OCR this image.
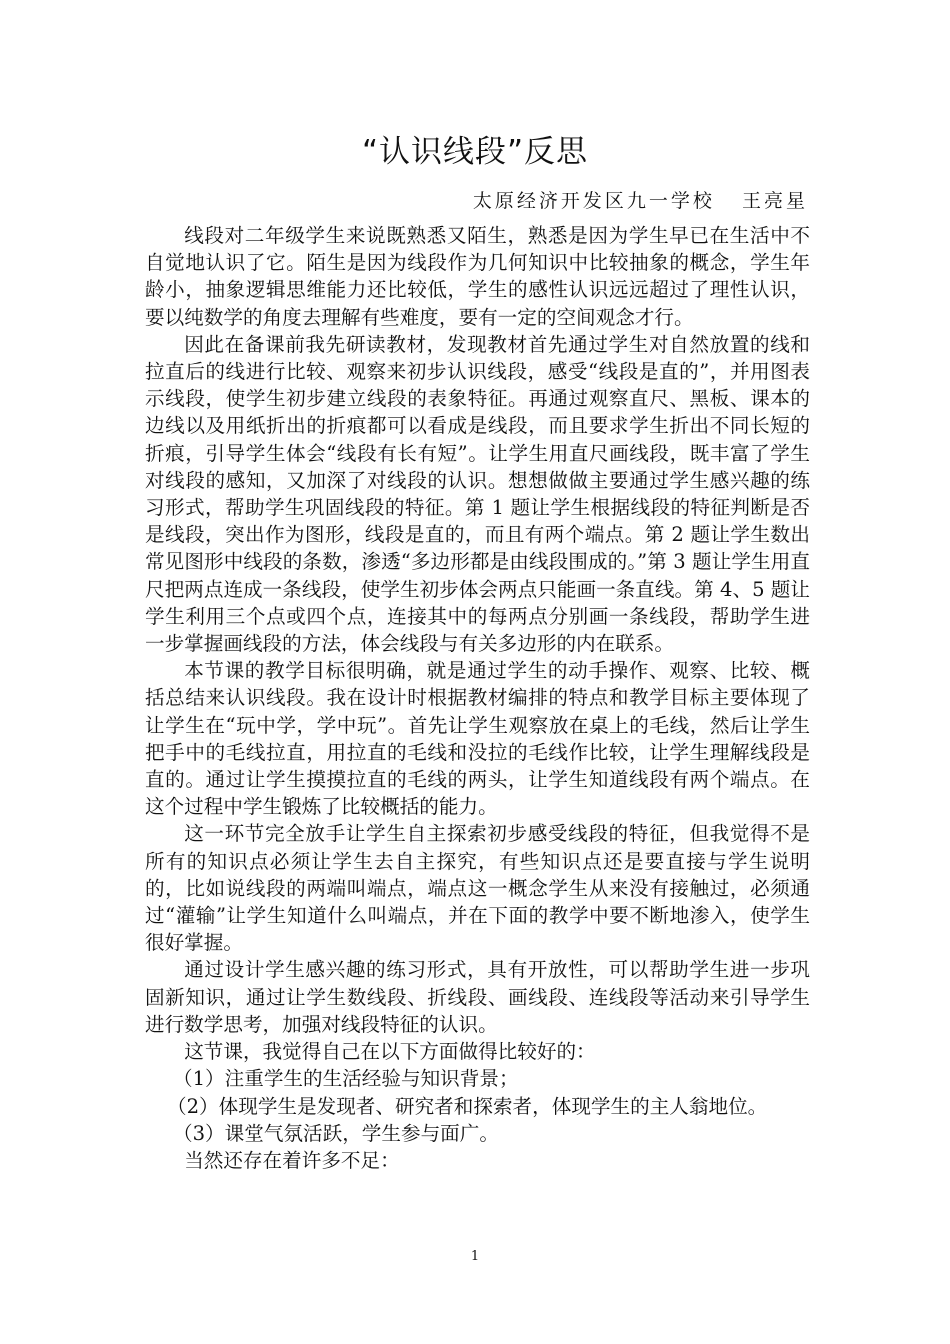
“认识线段”反思
太原经济开发区九一学校   王亮星

线段对二年级学生来说既熟悉又陌生，熟悉是因为学生早已在生活中不自觉地认识了它。陌生是因为线段作为几何知识中比较抽象的概念，学生年龄小，抽象逻辑思维能力还比较低，学生的感性认识远远超过了理性认识，要以纯数学的角度去理解有些难度，要有一定的空间观念才行。

因此在备课前我先研读教材，发现教材首先通过学生对自然放置的线和拉直后的线进行比较、观察来初步认识线段，感受“线段是直的”，并用图表示线段，使学生初步建立线段的表象特征。再通过观察直尺、黑板、课本的边线以及用纸折出的折痕都可以看成是线段，而且要求学生折出不同长短的折痕，引导学生体会“线段有长有短”。让学生用直尺画线段，既丰富了学生对线段的感知，又加深了对线段的认识。想想做做主要通过学生感兴趣的练习形式，帮助学生巩固线段的特征。第 1 题让学生根据线段的特征判断是否是线段，突出作为图形，线段是直的，而且有两个端点。第 2 题让学生数出常见图形中线段的条数，渗透“多边形都是由线段围成的。”第 3 题让学生用直尺把两点连成一条线段，使学生初步体会两点只能画一条直线。第 4、5 题让学生利用三个点或四个点，连接其中的每两点分别画一条线段，帮助学生进一步掌握画线段的方法，体会线段与有关多边形的内在联系。

本节课的教学目标很明确，就是通过学生的动手操作、观察、比较、概括总结来认识线段。我在设计时根据教材编排的特点和教学目标主要体现了让学生在“玩中学，学中玩”。首先让学生观察放在桌上的毛线，然后让学生把手中的毛线拉直，用拉直的毛线和没拉的毛线作比较，让学生理解线段是直的。通过让学生摸摸拉直的毛线的两头，让学生知道线段有两个端点。在这个过程中学生锻炼了比较概括的能力。

这一环节完全放手让学生自主探索初步感受线段的特征，但我觉得不是所有的知识点必须让学生去自主探究，有些知识点还是要直接与学生说明的，比如说线段的两端叫端点，端点这一概念学生从来没有接触过，必须通过“灌输”让学生知道什么叫端点，并在下面的教学中要不断地渗入，使学生很好掌握。

通过设计学生感兴趣的练习形式，具有开放性，可以帮助学生进一步巩固新知识，通过让学生数线段、折线段、画线段、连线段等活动来引导学生进行数学思考，加强对线段特征的认识。

这节课，我觉得自己在以下方面做得比较好的：

（1）注重学生的生活经验与知识背景；

（2）体现学生是发现者、研究者和探索者，体现学生的主人翁地位。

（3）课堂气氛活跃，学生参与面广。

当然还存在着许多不足：

1
